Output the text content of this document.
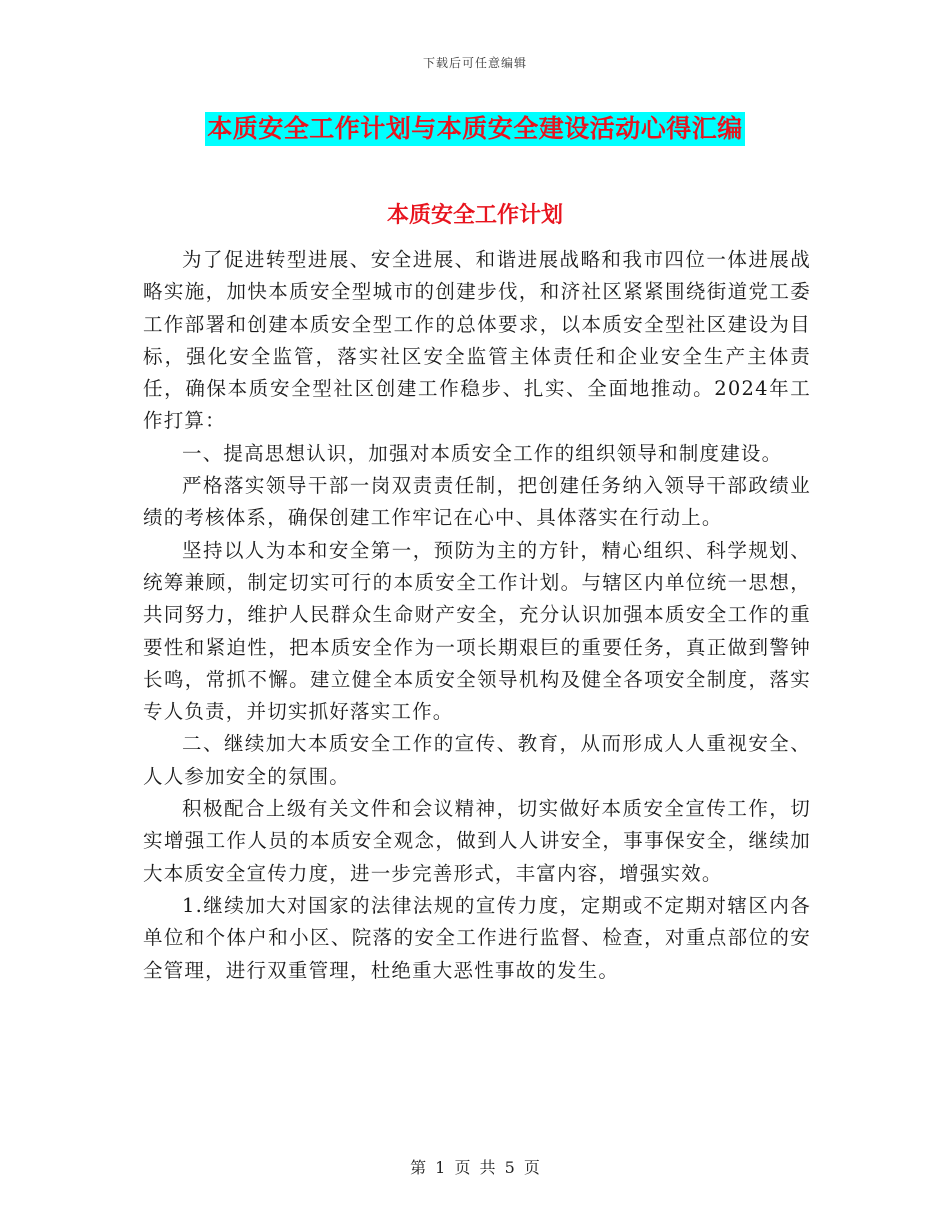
下载后可任意编辑
本质安全工作计划与本质安全建设活动心得汇编
本质安全工作计划

为了促进转型进展、安全进展、和谐进展战略和我市四位一体进展战略实施，加快本质安全型城市的创建步伐，和济社区紧紧围绕街道党工委工作部署和创建本质安全型工作的总体要求，以本质安全型社区建设为目标，强化安全监管，落实社区安全监管主体责任和企业安全生产主体责任，确保本质安全型社区创建工作稳步、扎实、全面地推动。2024年工作打算：

一、提高思想认识，加强对本质安全工作的组织领导和制度建设。

严格落实领导干部一岗双责责任制，把创建任务纳入领导干部政绩业绩的考核体系，确保创建工作牢记在心中、具体落实在行动上。

坚持以人为本和安全第一，预防为主的方针，精心组织、科学规划、统筹兼顾，制定切实可行的本质安全工作计划。与辖区内单位统一思想，共同努力，维护人民群众生命财产安全，充分认识加强本质安全工作的重要性和紧迫性，把本质安全作为一项长期艰巨的重要任务，真正做到警钟长鸣，常抓不懈。建立健全本质安全领导机构及健全各项安全制度，落实专人负责，并切实抓好落实工作。

二、继续加大本质安全工作的宣传、教育，从而形成人人重视安全、人人参加安全的氛围。

积极配合上级有关文件和会议精神，切实做好本质安全宣传工作，切实增强工作人员的本质安全观念，做到人人讲安全，事事保安全，继续加大本质安全宣传力度，进一步完善形式，丰富内容，增强实效。

1.继续加大对国家的法律法规的宣传力度，定期或不定期对辖区内各单位和个体户和小区、院落的安全工作进行监督、检查，对重点部位的安全管理，进行双重管理，杜绝重大恶性事故的发生。

第 1 页 共 5 页
